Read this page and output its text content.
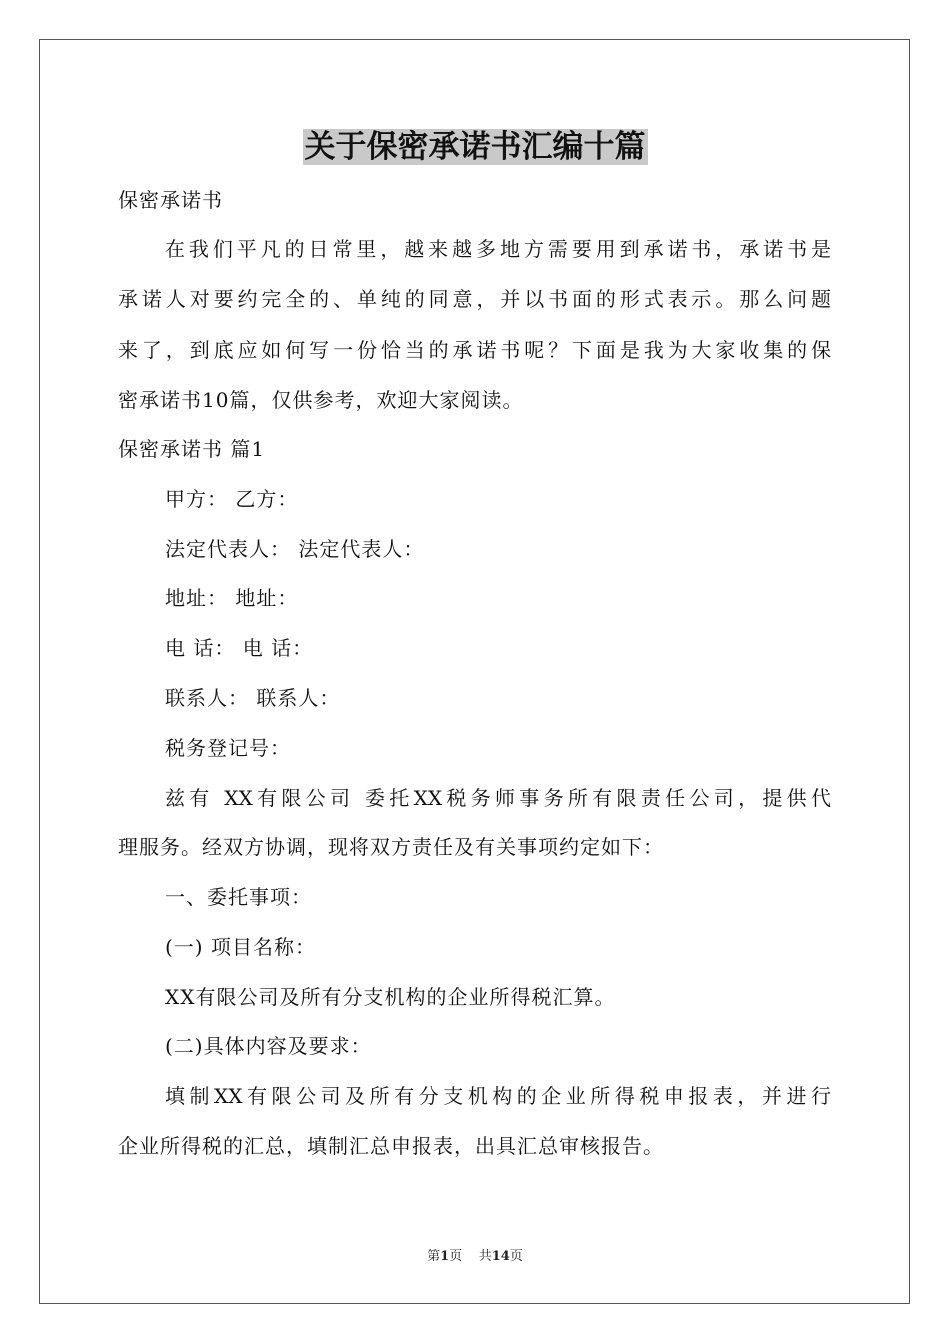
关于保密承诺书汇编十篇
保密承诺书
在我们平凡的日常里，越来越多地方需要用到承诺书，承诺书是
承诺人对要约完全的、单纯的同意，并以书面的形式表示。那么问题
来了，到底应如何写一份恰当的承诺书呢？下面是我为大家收集的保
密承诺书10篇，仅供参考，欢迎大家阅读。
保密承诺书 篇1
甲方： 乙方：
法定代表人： 法定代表人：
地址： 地址：
电 话： 电 话：
联系人： 联系人：
税务登记号：
兹有 XX有限公司 委托XX税务师事务所有限责任公司，提供代
理服务。经双方协调，现将双方责任及有关事项约定如下：
一、委托事项：
(一) 项目名称：
XX有限公司及所有分支机构的企业所得税汇算。
(二)具体内容及要求：
填制XX有限公司及所有分支机构的企业所得税申报表，并进行
企业所得税的汇总，填制汇总申报表，出具汇总审核报告。
第1页    共14页
